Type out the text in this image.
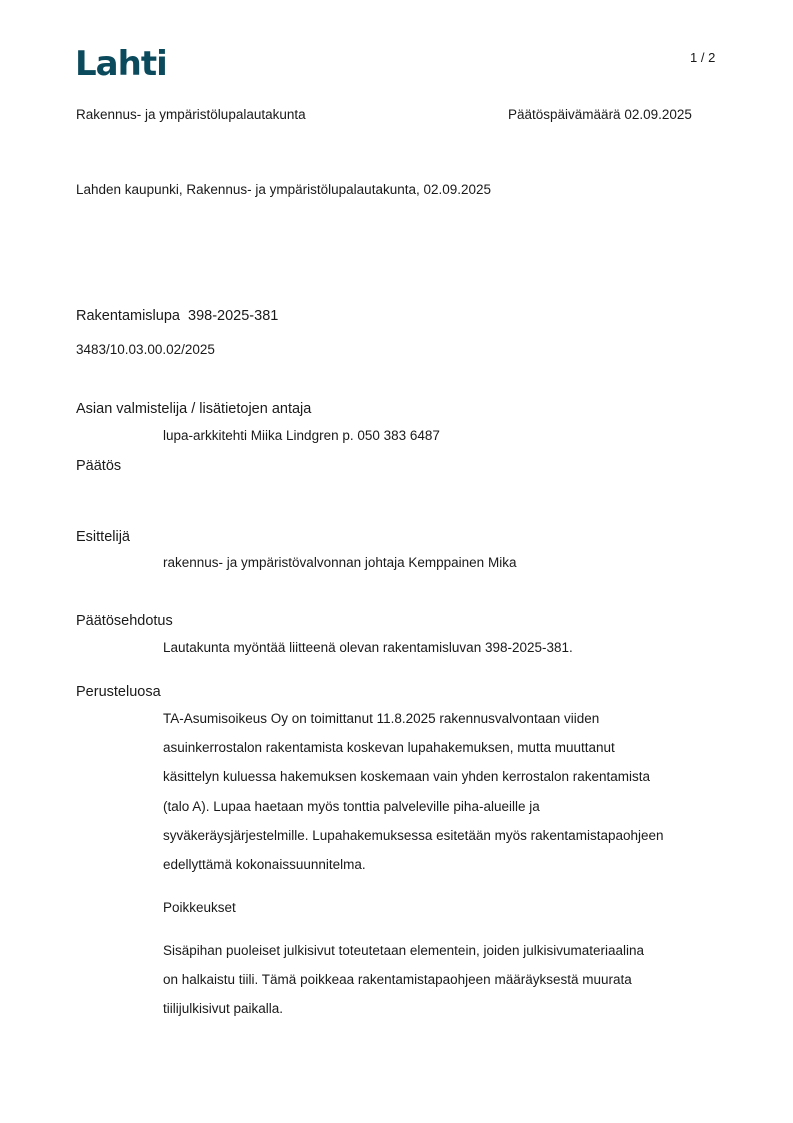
Lahti	1 / 2
Rakennus- ja ympäristölupalautakunta	Päätöspäivämäärä 02.09.2025
Lahden kaupunki, Rakennus- ja ympäristölupalautakunta, 02.09.2025
Rakentamislupa  398-2025-381
3483/10.03.00.02/2025
Asian valmistelija / lisätietojen antaja
lupa-arkkitehti Miika Lindgren p. 050 383 6487
Päätös
Esittelijä
rakennus- ja ympäristövalvonnan johtaja Kemppainen Mika
Päätösehdotus
Lautakunta myöntää liitteenä olevan rakentamisluvan 398-2025-381.
Perusteluosa
TA-Asumisoikeus Oy on toimittanut 11.8.2025 rakennusvalvontaan viiden
asuinkerrostalon rakentamista koskevan lupahakemuksen, mutta muuttanut
käsittelyn kuluessa hakemuksen koskemaan vain yhden kerrostalon rakentamista
(talo A). Lupaa haetaan myös tonttia palveleville piha-alueille ja
syväkeräysjärjestelmille. Lupahakemuksessa esitetään myös rakentamistapaohjeen
edellyttämä kokonaissuunnitelma.
Poikkeukset
Sisäpihan puoleiset julkisivut toteutetaan elementein, joiden julkisivumateriaalina
on halkaistu tiili. Tämä poikkeaa rakentamistapaohjeen määräyksestä muurata
tiilijulkisivut paikalla.
